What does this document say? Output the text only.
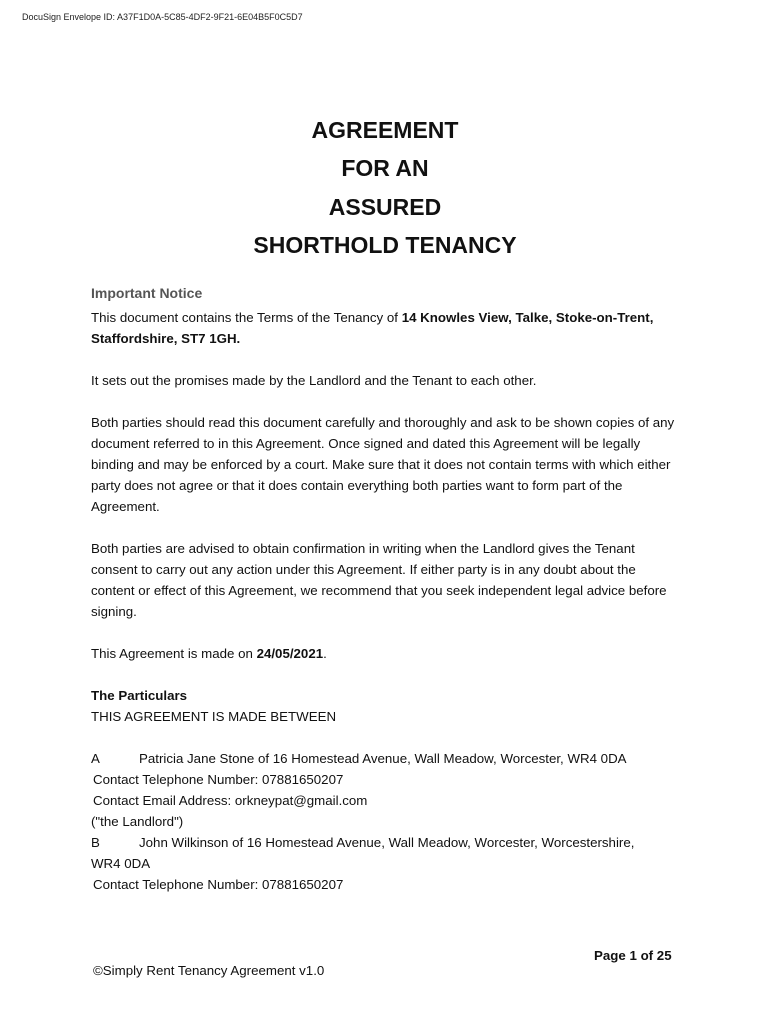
DocuSign Envelope ID: A37F1D0A-5C85-4DF2-9F21-6E04B5F0C5D7
AGREEMENT
FOR AN
ASSURED
SHORTHOLD TENANCY

Important Notice

This document contains the Terms of the Tenancy of 14 Knowles View, Talke, Stoke-on-Trent, Staffordshire, ST7 1GH.

It sets out the promises made by the Landlord and the Tenant to each other.

Both parties should read this document carefully and thoroughly and ask to be shown copies of any document referred to in this Agreement. Once signed and dated this Agreement will be legally binding and may be enforced by a court. Make sure that it does not contain terms with which either party does not agree or that it does contain everything both parties want to form part of the Agreement.

Both parties are advised to obtain confirmation in writing when the Landlord gives the Tenant consent to carry out any action under this Agreement. If either party is in any doubt about the content or effect of this Agreement, we recommend that you seek independent legal advice before signing.

This Agreement is made on 24/05/2021.

The Particulars

THIS AGREEMENT IS MADE BETWEEN

A	Patricia Jane Stone of 16 Homestead Avenue, Wall Meadow, Worcester, WR4 0DA

Contact Telephone Number: 07881650207

Contact Email Address: orkneypat@gmail.com

("the Landlord")

B	John Wilkinson of 16 Homestead Avenue, Wall Meadow, Worcester, Worcestershire,

WR4 0DA

Contact Telephone Number: 07881650207

Page 1 of 25
©Simply Rent Tenancy Agreement v1.0
